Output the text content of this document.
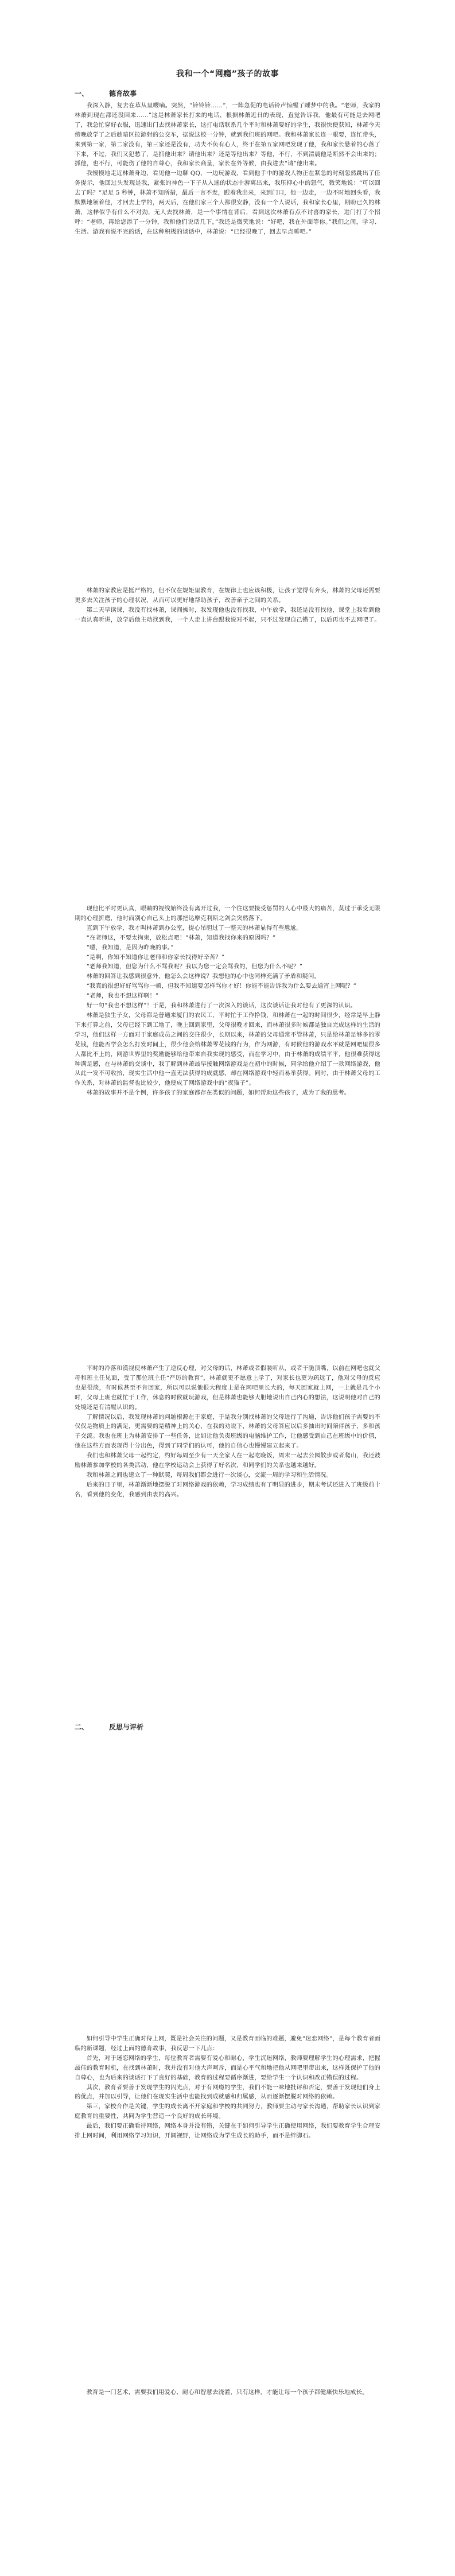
我和一个“网瘾”孩子的故事
一、	德育故事

我深入静，复去在草从里嘤嘀。突然，“铃铃铃……”，一阵急促的电话铃声惊醒了睡梦中的我。“老师，我家的林萧到现在都还没回来……”这是林萧家长打来的电话，根据林萧近日的表现，直觉告诉我，他最有可能是去网吧了，我急忙穿好衣服，迅速出门去找林萧家长，这打电话联系几个平时和林萧要好的学生，我很快便获知，林萧今天傍晚放学了之后趁暗区拉游射的公交车，据说这校一分钟，就到我们班的网吧。我和林萧家长连一眼要，连忙带头，来到第一家，第二家没有，第三家还是没有，功夫不负有心人，终于在第五家网吧发现了他，我和家长悬着的心落了下来，不过，我们又犯愁了，是抓他出来？请他出来？还是等他出来？等他，不行，不到清晨他是断然不会出来的；抓他，也不行，可能伤了他的自尊心，我和家长商量，家长在外等候，由我进去“请”他出来。

我慢慢地走近林萧身边，看见他一边聊 QQ，一边玩游戏，看到他手中的游戏人物正在紧急的时刻忽然跳出了任务提示，他回过头发现是我，紧张的神色一下子从入迷的状态中游离出来，我压抑心中的怒气，微笑地说：“可以回去了吗？”足足 5 秒钟，林萧不知所措，最后一言不发，跟着我出来，来到门口，他一边走，一边不时地回头看，我默默地领着他，才回去上学的，两天后，在他们家三个人都很安静，没有一个人说话，我和家长心里，期盼已久的林萧，这样似乎有什么不对劲，无人去找林萧，是一个事情在背后，看到这次林萧有点不讨喜的家长，进门打了个招呼：“老师，再给您添了一分钟，我和他们说话几下，”我还是微笑地说：“好吧，我在外面等你。”我们之间，学习、生活、游戏有说不完的话，在这种积极的谈话中，林萧说：“已经很晚了，回去早点睡吧。”

林萧的家教应是挺严格的，但不仅在规矩里教育，在规律上也应该积极，让孩子觉得有奔头，林萧的父母还需要更多去关注孩子的心理状况，从而可以更好地帮助孩子，改善亲子之间的关系。

第二天早读课，我没有找林萧，课间操时，我发现他也没有找我，中午放学，我还是没有找他，课堂上我看到他一直认真听讲，放学后他主动找到我，一个人走上讲台跟我说对不起，只不过发现自己错了，以后再也不去网吧了。

现他比平时更认真，眼睛的视线始终没有离开过我，一个往这要接受惩罚的人心中最大的痛苦，莫过于承受无限期的心理折磨，他时而别心自己头上的那把达摩克利斯之剑会突然落下。

直到下午放学，我才叫林萧到办公室，提心吊胆过了一整天的林萧显得有些尴尬。

“在老师这，不要太拘束，放松点吧！”林萧，知道我找你来的原因吗？”

“嗯，我知道，是因为昨晚的事。”

“是啊，你知不知道你让老师和你家长找得好辛苦？”

“老师我知道，但您为什么不骂我呢？我以为您一定会骂我的，但您为什么不呢？”

林萧的回答让我感到很意外，他怎么会这样说？我想他的心中也同样充满了矛盾和疑问。

“我真的很想好好骂骂你一顿，但我不知道要怎样骂你才好！你能不能告诉我为什么要去通宵上网呢？”

“老师，我也不想这样啊！”

好一句“我也不想这样”！于是，我和林萧进行了一次深入的谈话，这次谈话让我对他有了更深的认识。

林萧是独生子女，父母都是普通来厦门的农民工，平时忙于工作挣钱，和林萧在一起的时间很少，经常是早上静下来打算之前，父母已经下到工地了，晚上回到家里，父母很晚才回来，而林萧很多时候都是独自完成这样的生活的学习，他们这样一方面对于家庭成员之间的交往很少，长期以来，林萧的父母通常不管林萧，只是给林萧足够多的零花钱，他能否学会怎么打发时间上，很少他会给林萧零花钱的行为，作为网游，有时候他的游戏水平就是网吧里很多人都比不上的，网游世界里的奖励能够给他带来自我实现的感受，而在学习中，由于林萧的成绩平平，他很难获得这种满足感，在与林萧的交谈中，我了解到林萧最早接触网络游戏是在初中的时候，同学给他介绍了一款网络游戏，他从此一发不可收拾，现实生活中他一直无法获得的成就感，却在网络游戏中轻而易举获得。同时，由于林萧父母的工作关系，对林萧的监督也比较少，他便成了网络游戏中的“夜猫子”。

林萧的故事并不是个例，许多孩子的家庭都存在类似的问题，如何帮助这些孩子，成为了我的思考。

平时的冷落和漠视使林萧产生了逆反心理，对父母的话，林萧或者假装听从，或者干脆顶嘴，以前在网吧也就父母和班主任见面，受了那位班主任“严厉的教育”，林萧就更不愿意上学了，对家长也更为疏远了，他对父母的反应也是很淡，有时候甚至不肯回家，所以可以说他很大程度上是在网吧里长大的，每天回家就上网，一上就是几个小时，父母上班也就忙于工作，休息的时候就玩游戏，但是林萧也能够大胆地说出自己内心的想法，这说明他对自己的处境还是有清醒认识的。

了解情况以后，我发现林萧的问题根源在于家庭，于是我分别找林萧的父母进行了沟通，告诉他们孩子需要的不仅仅是物质上的满足，更需要的是精神上的关心，在我的劝说下，林萧的父母答应以后多抽出时间陪伴孩子，多和孩子交流。我也在班上为林萧安排了一些任务，比如让他负责班级的电脑维护工作，让他感受到自己在班级中的价值，他在这些方面表现得十分出色，得到了同学们的认可，他的自信心也慢慢建立起来了。

我们也和林萧父母一起约定，约好每周至少有一天全家人在一起吃晚饭，周末一起去公园散步或者爬山，我还鼓励林萧参加学校的各类活动，他在学校运动会上获得了好名次，和同学们的关系也越来越好。

我和林萧之间也建立了一种默契，每周我们都会进行一次谈心，交流一周的学习和生活情况。

后来的日子里，林萧渐渐地摆脱了对网络游戏的依赖，学习成绩也有了明显的进步，期末考试还进入了班级前十名，看到他的变化，我感到由衷的高兴。

二、	反思与评析

如何引导中学生正确对待上网，既是社会关注的问题，又是教育面临的难题，避免“迷恋网络”，是每个教育者面临的新课题，经过上面的德育故事，我反思一下几点：

首先，对于迷恋网络的学生，每位教育者需要有爱心和耐心，学生沉迷网络，教师要理解学生的心理需求，把握最佳的教育时机，在找到林萧时，我并没有对他大声呵斥，而是心平气和地把他从网吧里带出来，这样既保护了他的自尊心，也为后来的谈话打下了良好的基础，教育的过程要循序渐进，要给学生一个认识和改正错误的过程。

其次，教育者要善于发现学生的闪光点，对于有网瘾的学生，我们不能一味地批评和否定，要善于发现他们身上的优点，并加以引导，让他们在现实生活中也能找到成就感和归属感，从而逐渐摆脱对网络的依赖。

第三，家校合作是关键，学生的成长离不开家庭和学校的共同努力，教师要主动与家长沟通，帮助家长认识到家庭教育的重要性，共同为学生营造一个良好的成长环境。

最后，我们要正确看待网络，网络本身并没有错，关键在于如何引导学生正确使用网络，我们要教育学生合理安排上网时间，利用网络学习知识，开阔视野，让网络成为学生成长的助手，而不是绊脚石。

教育是一门艺术，需要我们用爱心、耐心和智慧去浇灌，只有这样，才能让每一个孩子都健康快乐地成长。
